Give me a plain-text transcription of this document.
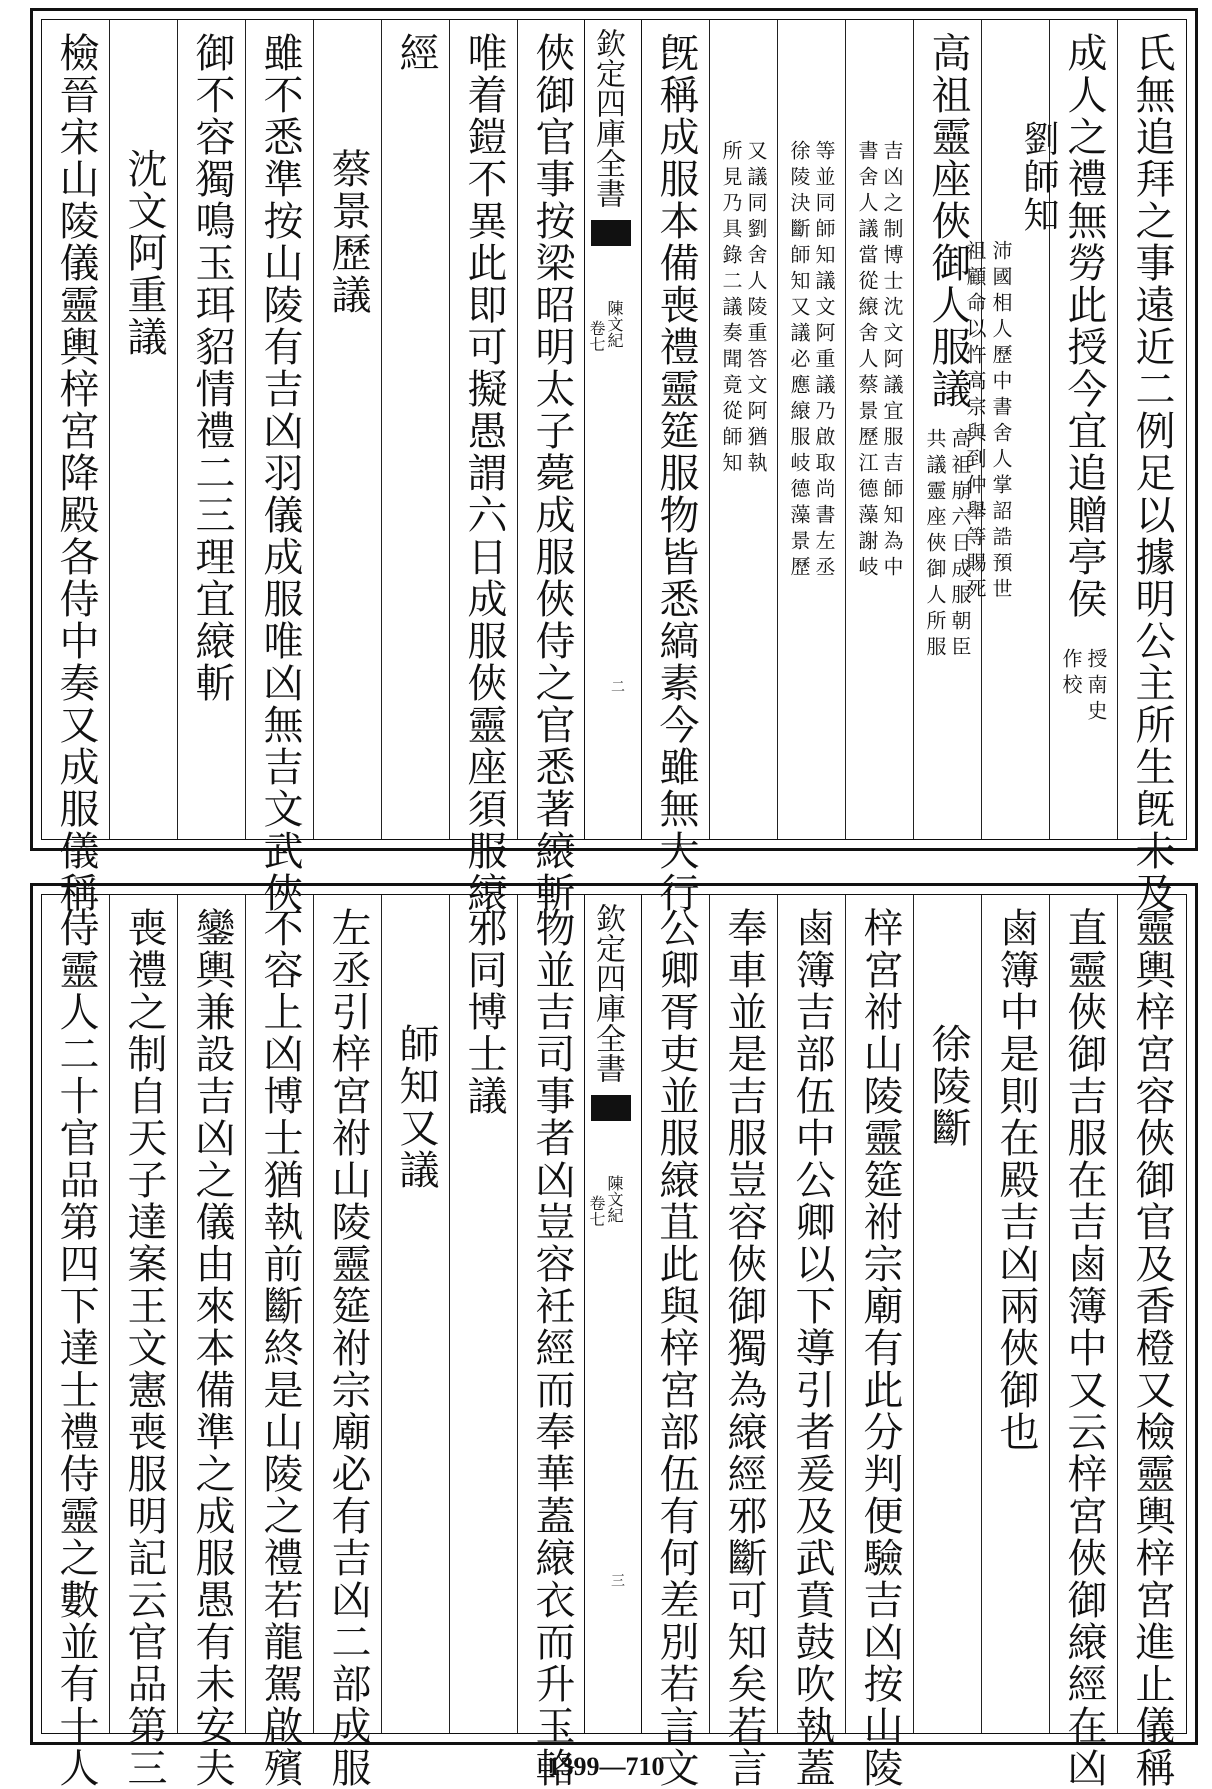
氏無追拜之事遠近二例足以據明公主所生旣未及
成人之禮無勞此授今宜追贈亭侯
授南史
作校
劉師知
沛國相人歷中書舍人掌詔誥預世
祖顧命以忤高宗與到仲舉等賜死
高祖靈座俠御人服議
高祖崩六日成服朝臣
共議靈座俠御人所服
吉凶之制博士沈文阿議宜服吉師知為中
書舍人議當從縗舍人蔡景歷江德藻謝岐
等並同師知議文阿重議乃啟取尚書左丞
徐陵決斷師知又議必應縗服岐德藻景歷
又議同劉舍人陵重答文阿猶執
所見乃具錄二議奏聞竟從師知
旣稱成服本備喪禮靈筵服物皆悉縞素今雖無大行
欽定四庫全書
陳文紀
卷七
二
俠御官事按梁昭明太子薨成服俠侍之官悉著縗斬
唯着鎧不異此即可擬愚謂六日成服俠靈座須服縗
經
蔡景歷議
雖不悉準按山陵有吉凶羽儀成服唯凶無吉文武俠
御不容獨鳴玉珥貂情禮二三理宜縗斬
沈文阿重議
檢晉宋山陵儀靈輿梓宮降殿各侍中奏又成服儀稱
靈輿梓宮容俠御官及香橙又檢靈輿梓宮進止儀稱
直靈俠御吉服在吉鹵簿中又云梓宮俠御縗經在凶
鹵簿中是則在殿吉凶兩俠御也
徐陵斷
梓宮祔山陵靈筵祔宗廟有此分判便驗吉凶按山陵
鹵簿吉部伍中公卿以下導引者爰及武賁鼓吹執蓋
奉車並是吉服豈容俠御獨為縗經邪斷可知矣若言
公卿胥吏並服縗苴此與梓宮部伍有何差別若言文
欽定四庫全書
陳文紀
卷七
三
物並吉司事者凶豈容衽經而奉華蓋縗衣而升玉輅
邪同博士議
師知又議
左丞引梓宮祔山陵靈筵祔宗廟必有吉凶二部成服
不容上凶博士猶執前斷終是山陵之禮若龍駕啟殯
鑾輿兼設吉凶之儀由來本備準之成服愚有未安夫
喪禮之制自天子達案王文憲喪服明記云官品第三
侍靈人二十官品第四下達士禮侍靈之數並有十人	1399—710
